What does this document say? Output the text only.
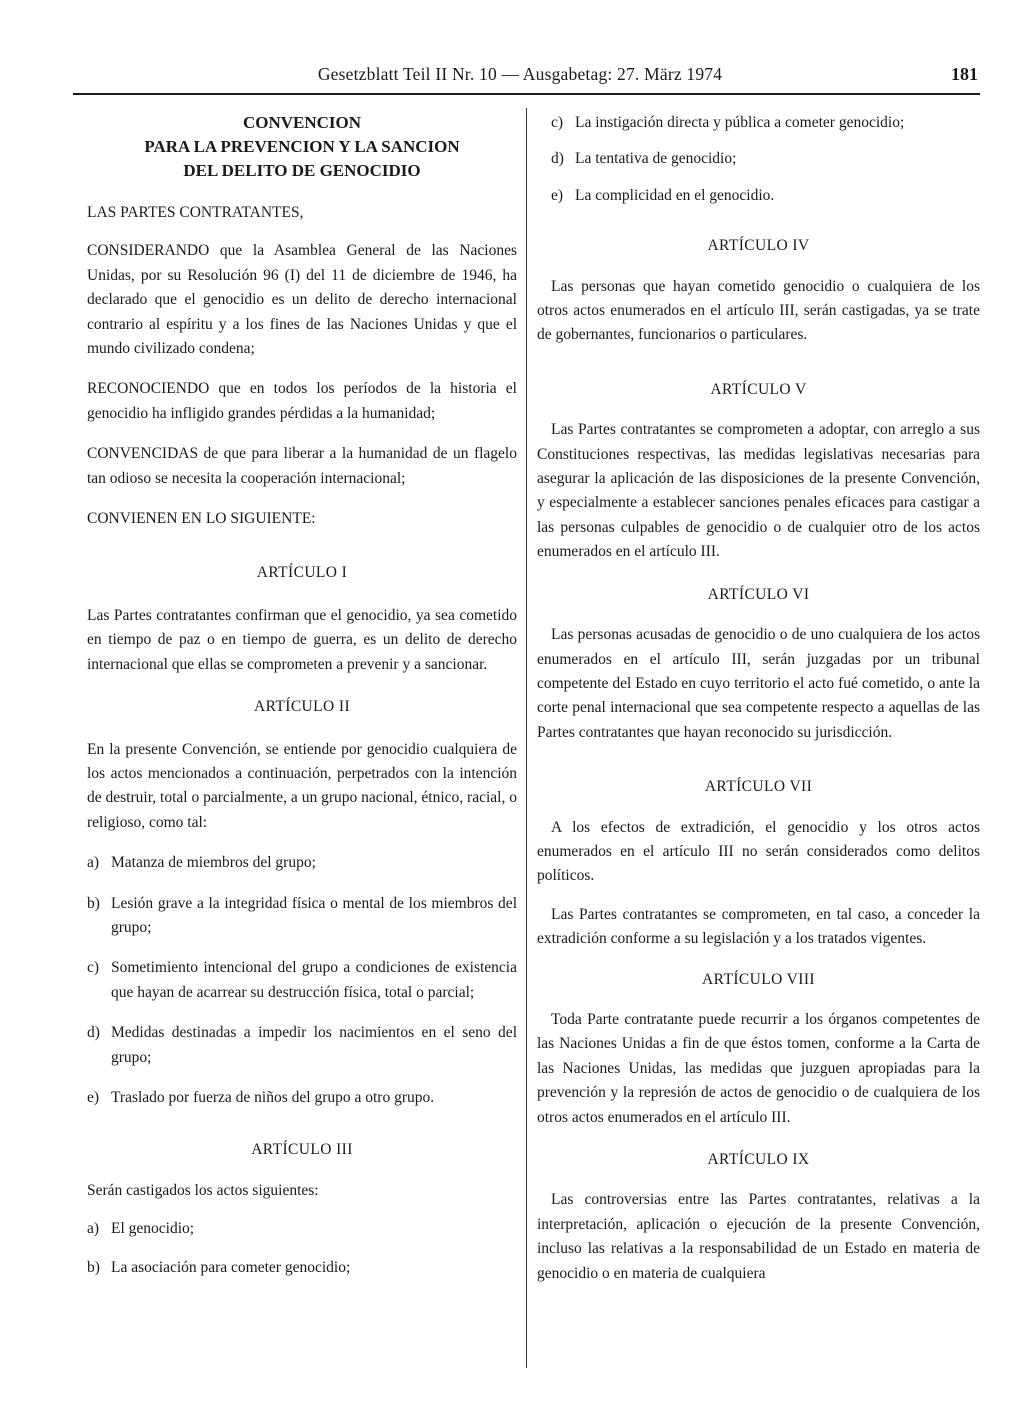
Gesetzblatt Teil II Nr. 10 — Ausgabetag: 27. März 1974	181
CONVENCION
PARA LA PREVENCION Y LA SANCION
DEL DELITO DE GENOCIDIO

LAS PARTES CONTRATANTES,

CONSIDERANDO que la Asamblea General de las Naciones Unidas, por su Resolución 96 (I) del 11 de diciembre de 1946, ha declarado que el genocidio es un delito de derecho internacional contrario al espíritu y a los fines de las Naciones Unidas y que el mundo civilizado condena;

RECONOCIENDO que en todos los períodos de la historia el genocidio ha infligido grandes pérdidas a la humanidad;

CONVENCIDAS de que para liberar a la humanidad de un flagelo tan odioso se necesita la cooperación internacional;

CONVIENEN EN LO SIGUIENTE:

ARTÍCULO I

Las Partes contratantes confirman que el genocidio, ya sea cometido en tiempo de paz o en tiempo de guerra, es un delito de derecho internacional que ellas se comprometen a prevenir y a sancionar.

ARTÍCULO II

En la presente Convención, se entiende por genocidio cualquiera de los actos mencionados a continuación, perpetrados con la intención de destruir, total o parcialmente, a un grupo nacional, étnico, racial, o religioso, como tal:

a) Matanza de miembros del grupo;
b) Lesión grave a la integridad física o mental de los miembros del grupo;
c) Sometimiento intencional del grupo a condiciones de existencia que hayan de acarrear su destrucción física, total o parcial;
d) Medidas destinadas a impedir los nacimientos en el seno del grupo;
e) Traslado por fuerza de niños del grupo a otro grupo.

ARTÍCULO III

Serán castigados los actos siguientes:

a) El genocidio;
b) La asociación para cometer genocidio;
c) La instigación directa y pública a cometer genocidio;
d) La tentativa de genocidio;
e) La complicidad en el genocidio.

ARTÍCULO IV

Las personas que hayan cometido genocidio o cualquiera de los otros actos enumerados en el artículo III, serán castigadas, ya se trate de gobernantes, funcionarios o particulares.

ARTÍCULO V

Las Partes contratantes se comprometen a adoptar, con arreglo a sus Constituciones respectivas, las medidas legislativas necesarias para asegurar la aplicación de las disposiciones de la presente Convención, y especialmente a establecer sanciones penales eficaces para castigar a las personas culpables de genocidio o de cualquier otro de los actos enumerados en el artículo III.

ARTÍCULO VI

Las personas acusadas de genocidio o de uno cualquiera de los actos enumerados en el artículo III, serán juzgadas por un tribunal competente del Estado en cuyo territorio el acto fué cometido, o ante la corte penal internacional que sea competente respecto a aquellas de las Partes contratantes que hayan reconocido su jurisdicción.

ARTÍCULO VII

A los efectos de extradición, el genocidio y los otros actos enumerados en el artículo III no serán considerados como delitos políticos.

Las Partes contratantes se comprometen, en tal caso, a conceder la extradición conforme a su legislación y a los tratados vigentes.

ARTÍCULO VIII

Toda Parte contratante puede recurrir a los órganos competentes de las Naciones Unidas a fin de que éstos tomen, conforme a la Carta de las Naciones Unidas, las medidas que juzguen apropiadas para la prevención y la represión de actos de genocidio o de cualquiera de los otros actos enumerados en el artículo III.

ARTÍCULO IX

Las controversias entre las Partes contratantes, relativas a la interpretación, aplicación o ejecución de la presente Convención, incluso las relativas a la responsabilidad de un Estado en materia de genocidio o en materia de cualquiera
